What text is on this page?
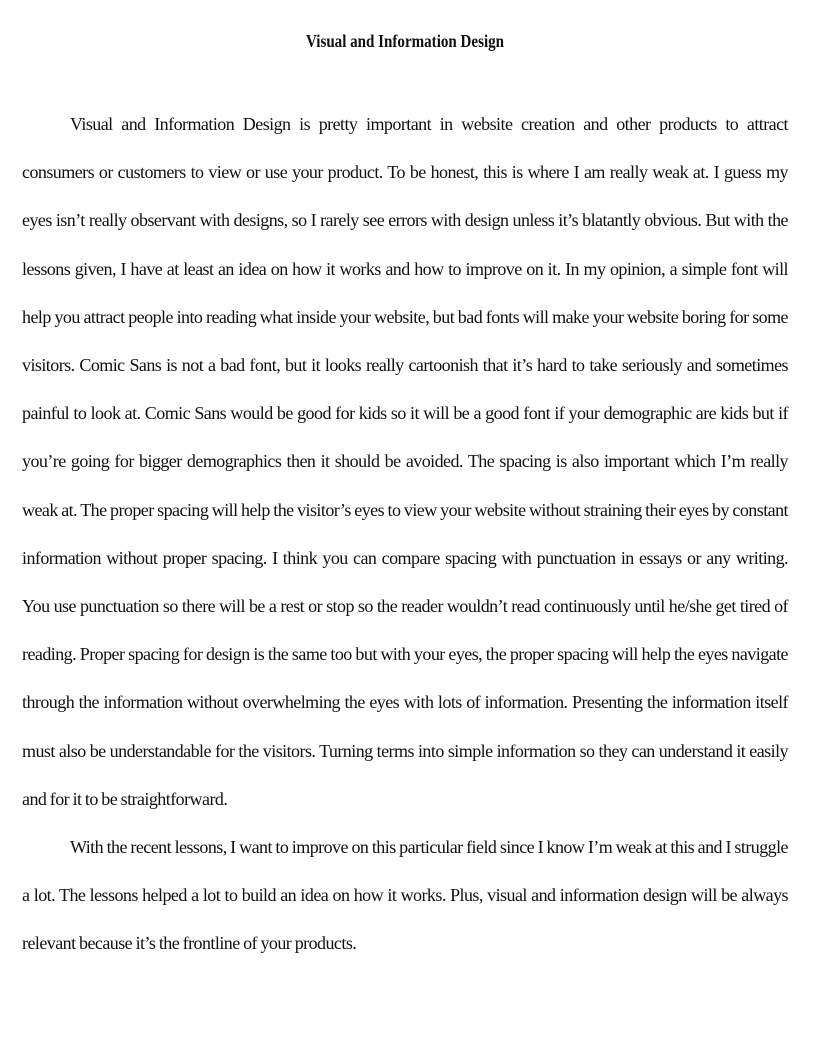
Visual and Information Design

Visual and Information Design is pretty important in website creation and other products to attract consumers or customers to view or use your product. To be honest, this is where I am really weak at. I guess my eyes isn’t really observant with designs, so I rarely see errors with design unless it’s blatantly obvious. But with the lessons given, I have at least an idea on how it works and how to improve on it. In my opinion, a simple font will help you attract people into reading what inside your website, but bad fonts will make your website boring for some visitors. Comic Sans is not a bad font, but it looks really cartoonish that it’s hard to take seriously and sometimes painful to look at. Comic Sans would be good for kids so it will be a good font if your demographic are kids but if you’re going for bigger demographics then it should be avoided. The spacing is also important which I’m really weak at. The proper spacing will help the visitor’s eyes to view your website without straining their eyes by constant information without proper spacing. I think you can compare spacing with punctuation in essays or any writing. You use punctuation so there will be a rest or stop so the reader wouldn’t read continuously until he/she get tired of reading. Proper spacing for design is the same too but with your eyes, the proper spacing will help the eyes navigate through the information without overwhelming the eyes with lots of information. Presenting the information itself must also be understandable for the visitors. Turning terms into simple information so they can understand it easily and for it to be straightforward.

With the recent lessons, I want to improve on this particular field since I know I’m weak at this and I struggle a lot. The lessons helped a lot to build an idea on how it works. Plus, visual and information design will be always relevant because it’s the frontline of your products.
